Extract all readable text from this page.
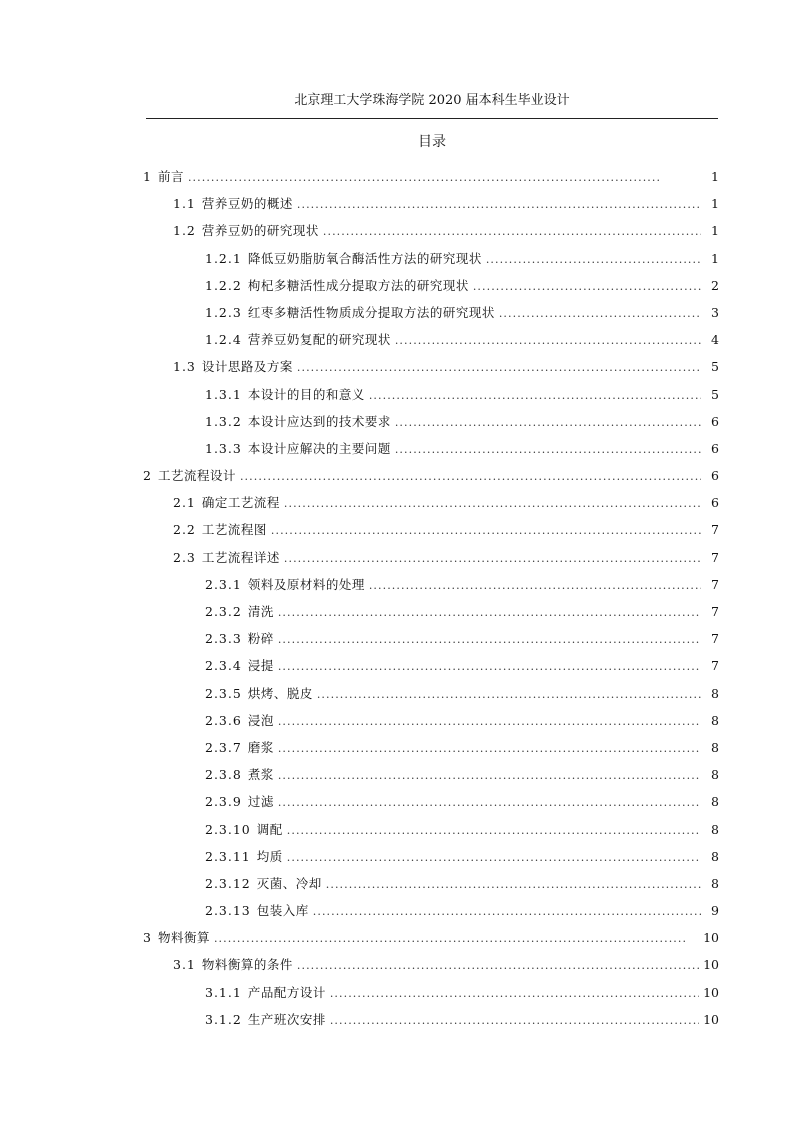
北京理工大学珠海学院 2020 届本科生毕业设计
目录
1 前言 . . .	1
1.1 营养豆奶的概述 . . .	1
1.2 营养豆奶的研究现状 . . .	1
1.2.1 降低豆奶脂肪氧合酶活性方法的研究现状 . . .	1
1.2.2 枸杞多糖活性成分提取方法的研究现状 . . .	2
1.2.3 红枣多糖活性物质成分提取方法的研究现状 . . .	3
1.2.4 营养豆奶复配的研究现状 . . .	4
1.3 设计思路及方案 . . .	5
1.3.1 本设计的目的和意义 . . .	5
1.3.2 本设计应达到的技术要求 . . .	6
1.3.3 本设计应解决的主要问题 . . .	6
2 工艺流程设计 . . .	6
2.1 确定工艺流程 . . .	6
2.2 工艺流程图 . . .	7
2.3 工艺流程详述 . . .	7
2.3.1 领料及原材料的处理 . . .	7
2.3.2 清洗 . . .	7
2.3.3 粉碎 . . .	7
2.3.4 浸提 . . .	7
2.3.5 烘烤、脱皮 . . .	8
2.3.6 浸泡 . . .	8
2.3.7 磨浆 . . .	8
2.3.8 煮浆 . . .	8
2.3.9 过滤 . . .	8
2.3.10 调配 . . .	8
2.3.11 均质 . . .	8
2.3.12 灭菌、冷却 . . .	8
2.3.13 包装入库 . . .	9
3 物料衡算 . . .	10
3.1 物料衡算的条件 . . .	10
3.1.1 产品配方设计 . . .	10
3.1.2 生产班次安排 . . .	10
